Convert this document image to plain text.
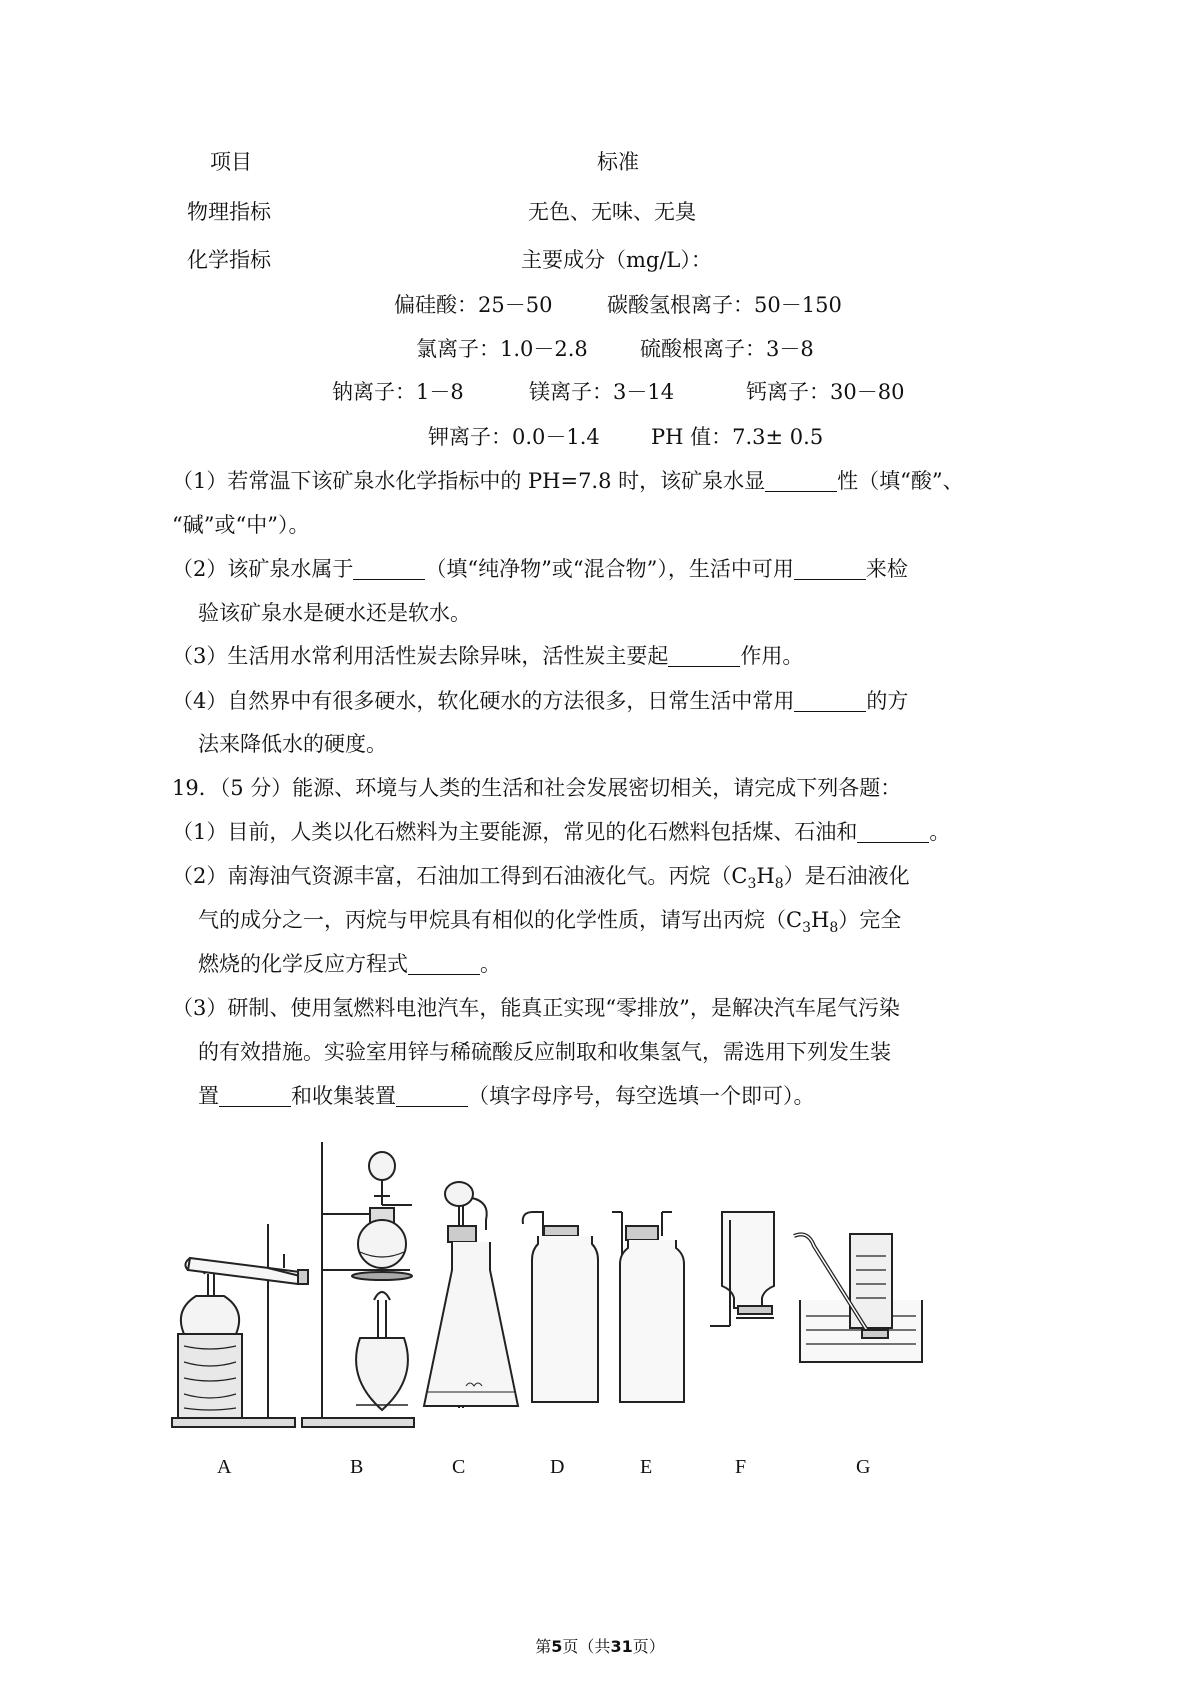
项目	标准
物理指标	无色、无味、无臭
化学指标	主要成分（mg/L）：
偏硅酸：25－50	碳酸氢根离子：50－150
氯离子：1.0－2.8 硫酸根离子：3－8
钠离子：1－8	镁离子：3－14	钙离子：30－80
钾离子：0.0－1.4 PH 值：7.3± 0.5
（1）若常温下该矿泉水化学指标中的 PH=7.8 时，该矿泉水显	性（填“酸”、
“碱”或“中”）。
（2）该矿泉水属于	（填“纯净物”或“混合物”），生活中可用	来检
验该矿泉水是硬水还是软水。
（3）生活用水常利用活性炭去除异味，活性炭主要起	作用。
（4）自然界中有很多硬水，软化硬水的方法很多，日常生活中常用	的方
法来降低水的硬度。
19．（5 分）能源、环境与人类的生活和社会发展密切相关，请完成下列各题：
（1）目前，人类以化石燃料为主要能源，常见的化石燃料包括煤、石油和	。
（2）南海油气资源丰富，石油加工得到石油液化气。丙烷$(C_3H_8)$是石油液化
气的成分之一，丙烷与甲烷具有相似的化学性质，请写出丙烷$(C_3H_8)$完全
燃烧的化学反应方程式	。
（3）研制、使用氢燃料电池汽车，能真正实现“零排放”，是解决汽车尾气污染
的有效措施。实验室用锌与稀硫酸反应制取和收集氢气，需选用下列发生装
置	和收集装置	（填字母序号，每空选填一个即可）。
A	B	C	D	E	F	G
第5页（共31页）
